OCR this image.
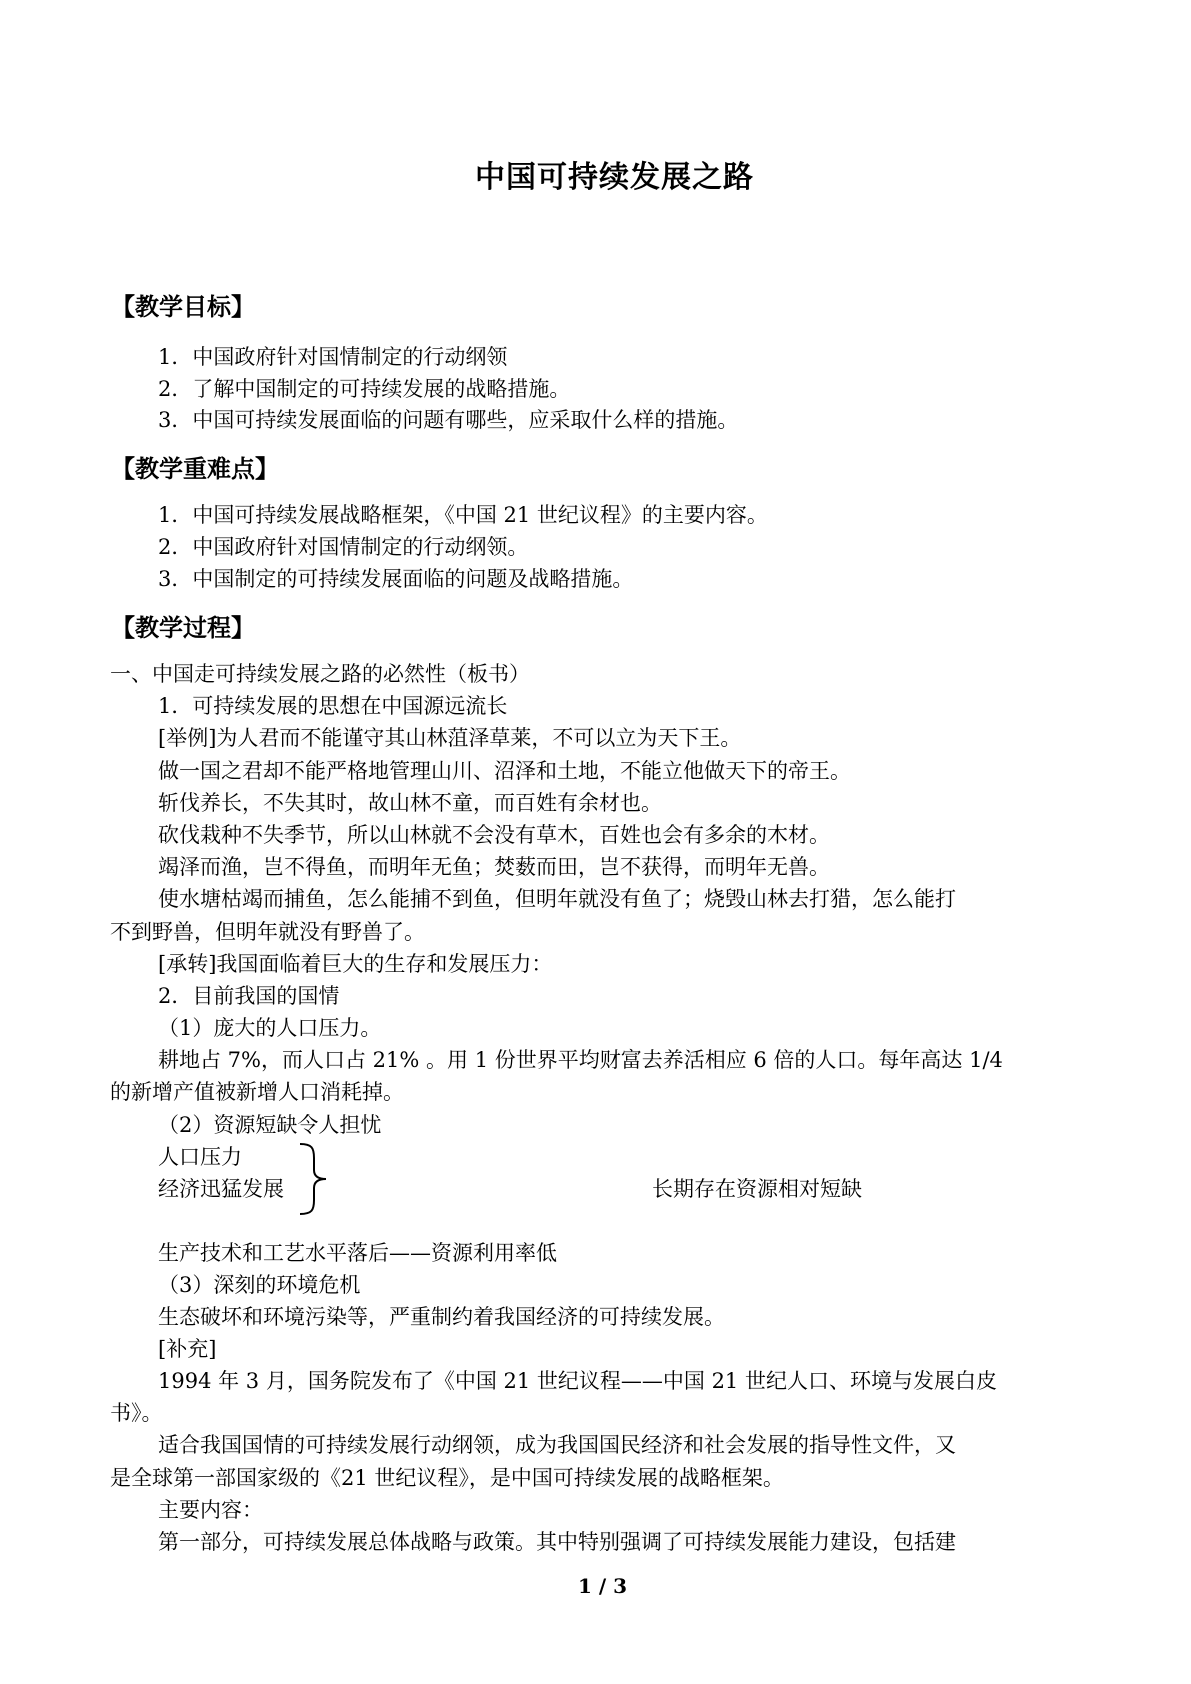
中国可持续发展之路
【教学目标】
1．中国政府针对国情制定的行动纲领
2．了解中国制定的可持续发展的战略措施。
3．中国可持续发展面临的问题有哪些，应采取什么样的措施。
【教学重难点】
1．中国可持续发展战略框架，《中国 21 世纪议程》的主要内容。
2．中国政府针对国情制定的行动纲领。
3．中国制定的可持续发展面临的问题及战略措施。
【教学过程】
一、中国走可持续发展之路的必然性（板书）
1．可持续发展的思想在中国源远流长
[举例]为人君而不能谨守其山林菹泽草莱，不可以立为天下王。
做一国之君却不能严格地管理山川、沼泽和土地，不能立他做天下的帝王。
斩伐养长，不失其时，故山林不童，而百姓有余材也。
砍伐栽种不失季节，所以山林就不会没有草木，百姓也会有多余的木材。
竭泽而渔，岂不得鱼，而明年无鱼；焚薮而田，岂不获得，而明年无兽。
使水塘枯竭而捕鱼，怎么能捕不到鱼，但明年就没有鱼了；烧毁山林去打猎，怎么能打
不到野兽，但明年就没有野兽了。
[承转]我国面临着巨大的生存和发展压力：
2．目前我国的国情
（1）庞大的人口压力。
耕地占 7%，而人口占 21% 。用 1 份世界平均财富去养活相应 6 倍的人口。每年高达 1/4
的新增产值被新增人口消耗掉。
（2）资源短缺令人担忧
人口压力
经济迅猛发展	长期存在资源相对短缺
生产技术和工艺水平落后——资源利用率低
（3）深刻的环境危机
生态破坏和环境污染等，严重制约着我国经济的可持续发展。
[补充]
1994 年 3 月，国务院发布了《中国 21 世纪议程——中国 21 世纪人口、环境与发展白皮
书》。
适合我国国情的可持续发展行动纲领，成为我国国民经济和社会发展的指导性文件，又
是全球第一部国家级的《21 世纪议程》，是中国可持续发展的战略框架。
主要内容：
第一部分，可持续发展总体战略与政策。其中特别强调了可持续发展能力建设，包括建
1 / 3
